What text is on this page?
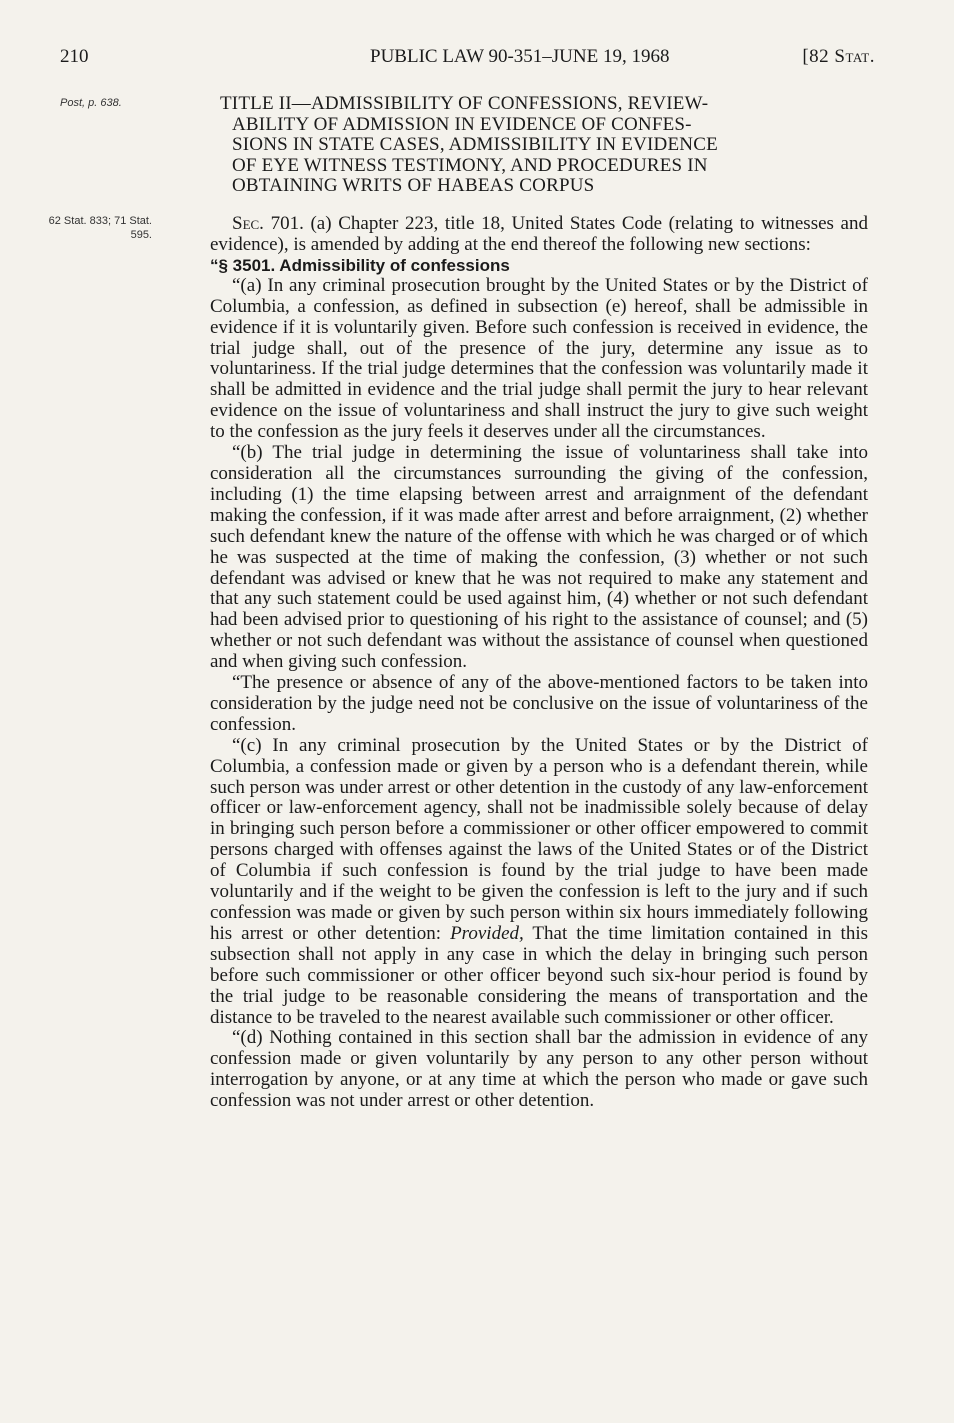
210	PUBLIC LAW 90-351–JUNE 19, 1968	[82 Stat.
Post, p. 638.
62 Stat. 833; 71 Stat. 595.
TITLE II—ADMISSIBILITY OF CONFESSIONS, REVIEW-
ABILITY OF ADMISSION IN EVIDENCE OF CONFES-
SIONS IN STATE CASES, ADMISSIBILITY IN EVIDENCE
OF EYE WITNESS TESTIMONY, AND PROCEDURES IN
OBTAINING WRITS OF HABEAS CORPUS

Sec. 701. (a) Chapter 223, title 18, United States Code (relating to witnesses and evidence), is amended by adding at the end thereof the following new sections:

“§ 3501. Admissibility of confessions

“(a) In any criminal prosecution brought by the United States or by the District of Columbia, a confession, as defined in subsection (e) hereof, shall be admissible in evidence if it is voluntarily given. Before such confession is received in evidence, the trial judge shall, out of the presence of the jury, determine any issue as to voluntariness. If the trial judge determines that the confession was voluntarily made it shall be admitted in evidence and the trial judge shall permit the jury to hear relevant evidence on the issue of voluntariness and shall instruct the jury to give such weight to the confession as the jury feels it deserves under all the circumstances.

“(b) The trial judge in determining the issue of voluntariness shall take into consideration all the circumstances surrounding the giving of the confession, including (1) the time elapsing between arrest and arraignment of the defendant making the confession, if it was made after arrest and before arraignment, (2) whether such defendant knew the nature of the offense with which he was charged or of which he was suspected at the time of making the confession, (3) whether or not such defendant was advised or knew that he was not required to make any statement and that any such statement could be used against him, (4) whether or not such defendant had been advised prior to questioning of his right to the assistance of counsel; and (5) whether or not such defendant was without the assistance of counsel when questioned and when giving such confession.

“The presence or absence of any of the above-mentioned factors to be taken into consideration by the judge need not be conclusive on the issue of voluntariness of the confession.

“(c) In any criminal prosecution by the United States or by the District of Columbia, a confession made or given by a person who is a defendant therein, while such person was under arrest or other detention in the custody of any law-enforcement officer or law-enforcement agency, shall not be inadmissible solely because of delay in bringing such person before a commissioner or other officer empowered to commit persons charged with offenses against the laws of the United States or of the District of Columbia if such confession is found by the trial judge to have been made voluntarily and if the weight to be given the confession is left to the jury and if such confession was made or given by such person within six hours immediately following his arrest or other detention: Provided, That the time limitation contained in this subsection shall not apply in any case in which the delay in bringing such person before such commissioner or other officer beyond such six-hour period is found by the trial judge to be reasonable considering the means of transportation and the distance to be traveled to the nearest available such commissioner or other officer.

“(d) Nothing contained in this section shall bar the admission in evidence of any confession made or given voluntarily by any person to any other person without interrogation by anyone, or at any time at which the person who made or gave such confession was not under arrest or other detention.
